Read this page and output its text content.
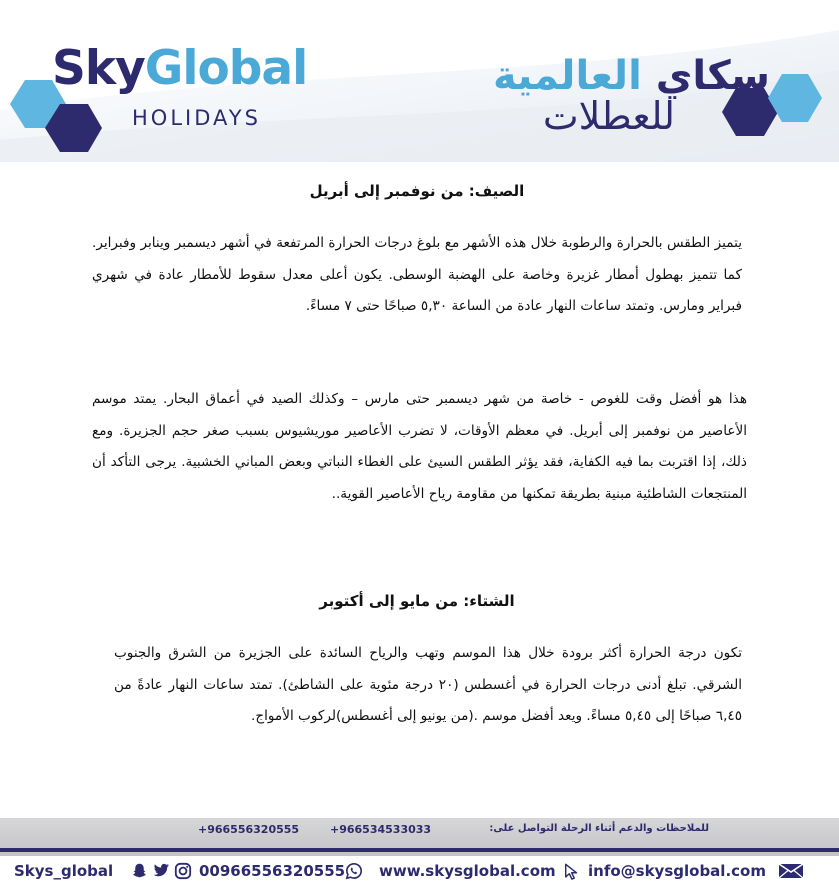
SkyGlobal
HOLIDAYS
سكاي العالمية
للعطلات
الصيف: من نوفمبر إلى أبريل

يتميز الطقس بالحرارة والرطوبة خلال هذه الأشهر مع بلوغ درجات الحرارة المرتفعة في أشهر ديسمبر وينابر وفبراير. كما تتميز بهطول أمطار غزيرة وخاصة على الهضبة الوسطى. يكون أعلى معدل سقوط للأمطار عادة في شهري فبراير ومارس. وتمتد ساعات النهار عادة من الساعة ٥,٣٠ صباحًا حتى ٧ مساءً.

هذا هو أفضل وقت للغوص - خاصة من شهر ديسمبر حتى مارس – وكذلك الصيد في أعماق البحار. يمتد موسم الأعاصير من نوفمبر إلى أبريل. في معظم الأوقات، لا تضرب الأعاصير موريشيوس بسبب صغر حجم الجزيرة. ومع ذلك، إذا اقتربت بما فيه الكفاية، فقد يؤثر الطقس السيئ على الغطاء النباتي وبعض المباني الخشبية. يرجى التأكد أن المنتجعات الشاطئية مبنية بطريقة تمكنها من مقاومة رياح الأعاصير القوية..

الشتاء: من مايو إلى أكتوبر

تكون درجة الحرارة أكثر برودة خلال هذا الموسم وتهب والرياح السائدة على الجزيرة من الشرق والجنوب الشرقي. تبلغ أدنى درجات الحرارة في أغسطس (٢٠ درجة مئوية على الشاطئ). تمتد ساعات النهار عادةً من ٦,٤٥ صباحًا إلى ٥,٤٥ مساءً. ويعد أفضل موسم .(من يونيو إلى أغسطس)لركوب الأمواج.

للملاحظات والدعم أثناء الرحلة التواصل على:
+966534533033
+966556320555
Skys_global	00966556320555 www.skysglobal.com info@skysglobal.com
